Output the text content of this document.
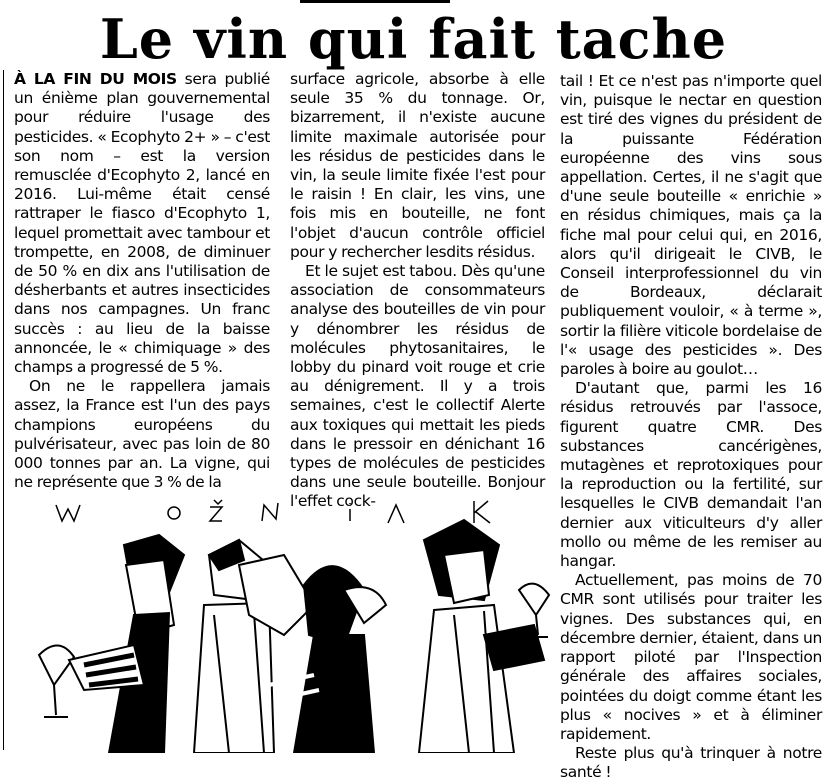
Le vin qui fait tache

À LA FIN DU MOIS sera publié un énième plan gouvernemental pour réduire l'usage des pesticides. « Ecophyto 2+ » – c'est son nom – est la version remusclée d'Ecophyto 2, lancé en 2016. Lui-même était censé rattraper le fiasco d'Ecophyto 1, lequel promettait avec tambour et trompette, en 2008, de diminuer de 50 % en dix ans l'utilisation de désherbants et autres insecticides dans nos campagnes. Un franc succès : au lieu de la baisse annoncée, le « chimiquage » des champs a progressé de 5 %.

On ne le rappellera jamais assez, la France est l'un des pays champions européens du pulvérisateur, avec pas loin de 80 000 tonnes par an. La vigne, qui ne représente que 3 % de la

surface agricole, absorbe à elle seule 35 % du tonnage. Or, bizarrement, il n'existe aucune limite maximale autorisée pour les résidus de pesticides dans le vin, la seule limite fixée l'est pour le raisin ! En clair, les vins, une fois mis en bouteille, ne font l'objet d'aucun contrôle officiel pour y rechercher lesdits résidus.

Et le sujet est tabou. Dès qu'une association de consommateurs analyse des bouteilles de vin pour y dénombrer les résidus de molécules phytosanitaires, le lobby du pinard voit rouge et crie au dénigrement. Il y a trois semaines, c'est le collectif Alerte aux toxiques qui mettait les pieds dans le pressoir en dénichant 16 types de molécules de pesticides dans une seule bouteille. Bonjour l'effet cock-

tail ! Et ce n'est pas n'importe quel vin, puisque le nectar en question est tiré des vignes du président de la puissante Fédération européenne des vins sous appellation. Certes, il ne s'agit que d'une seule bouteille « enrichie » en résidus chimiques, mais ça la fiche mal pour celui qui, en 2016, alors qu'il dirigeait le CIVB, le Conseil interprofessionnel du vin de Bordeaux, déclarait publiquement vouloir, « à terme », sortir la filière viticole bordelaise de l'« usage des pesticides ». Des paroles à boire au goulot…

D'autant que, parmi les 16 résidus retrouvés par l'assoce, figurent quatre CMR. Des substances cancérigènes, mutagènes et reprotoxiques pour la reproduction ou la fertilité, sur lesquelles le CIVB demandait l'an dernier aux viticulteurs d'y aller mollo ou même de les remiser au hangar.

Actuellement, pas moins de 70 CMR sont utilisés pour traiter les vignes. Des substances qui, en décembre dernier, étaient, dans un rapport piloté par l'Inspection générale des affaires sociales, pointées du doigt comme étant les plus « nocives » et à éliminer rapidement.

Reste plus qu'à trinquer à notre santé !
